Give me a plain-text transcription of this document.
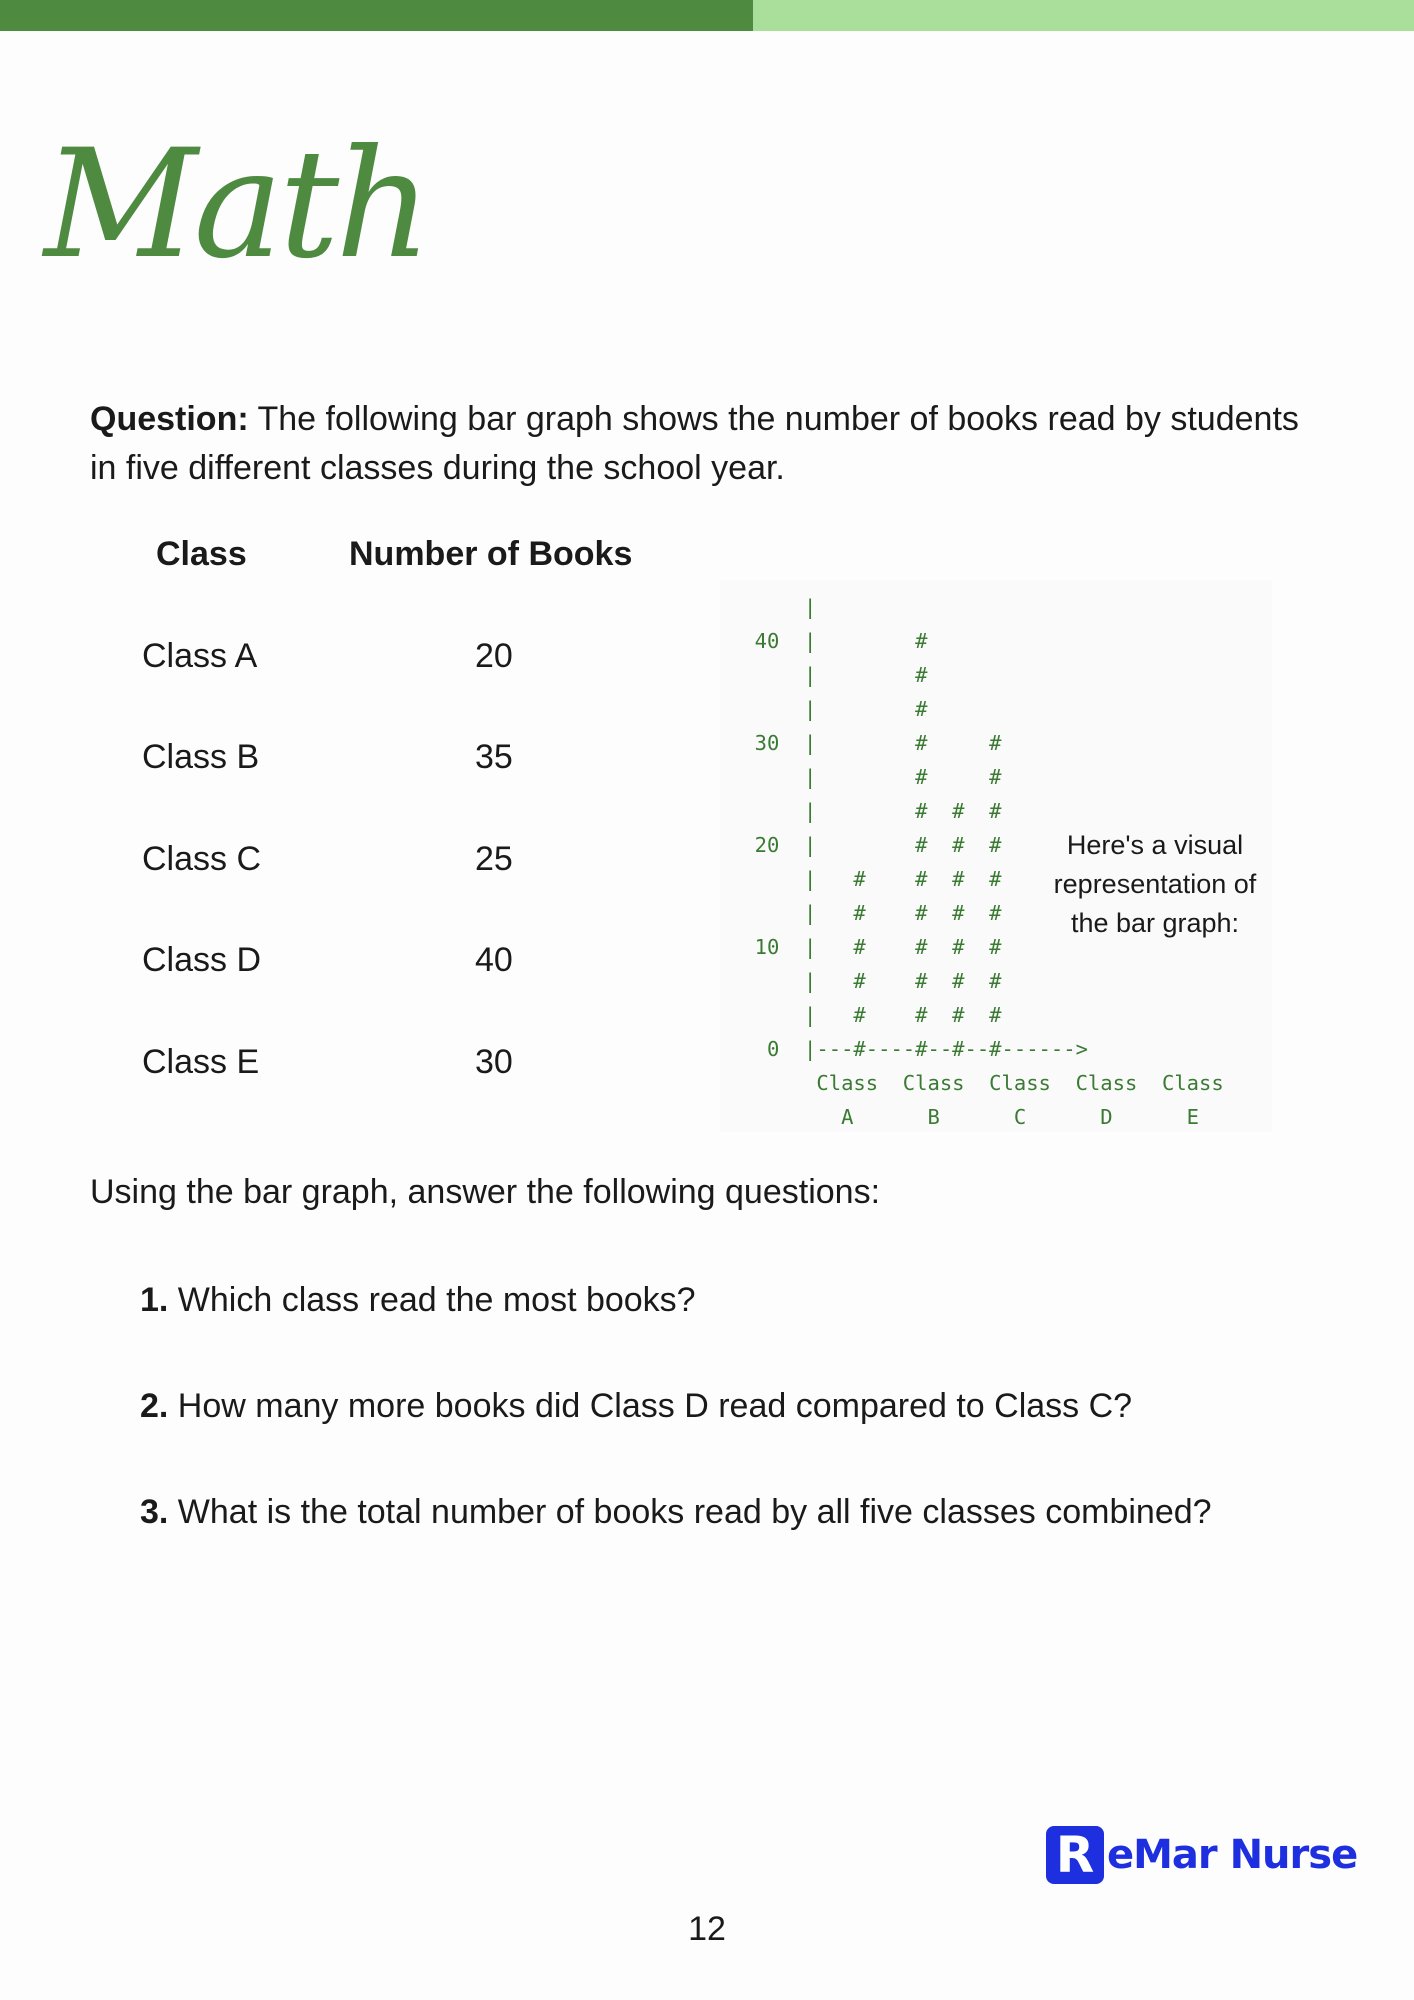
Math

Question: The following bar graph shows the number of books read by students in five different classes during the school year.

Class	Number of Books
Class A	20
Class B	35
Class C	25
Class D	40
Class E	30
|
40  |        #
|        #
|        #
30  |        #     #
|        #     #
|        #  #  #
20  |        #  #  #
|   #    #  #  #
|   #    #  #  #
10  |   #    #  #  #
|   #    #  #  #
|   #    #  #  #
0  |---#----#--#--#------>
Class  Class  Class  Class  Class
A      B      C      D      E
Here's a visual representation of the bar graph:

Using the bar graph, answer the following questions:

1. Which class read the most books?

2. How many more books did Class D read compared to Class C?

3. What is the total number of books read by all five classes combined?

R eMar Nurse
12
